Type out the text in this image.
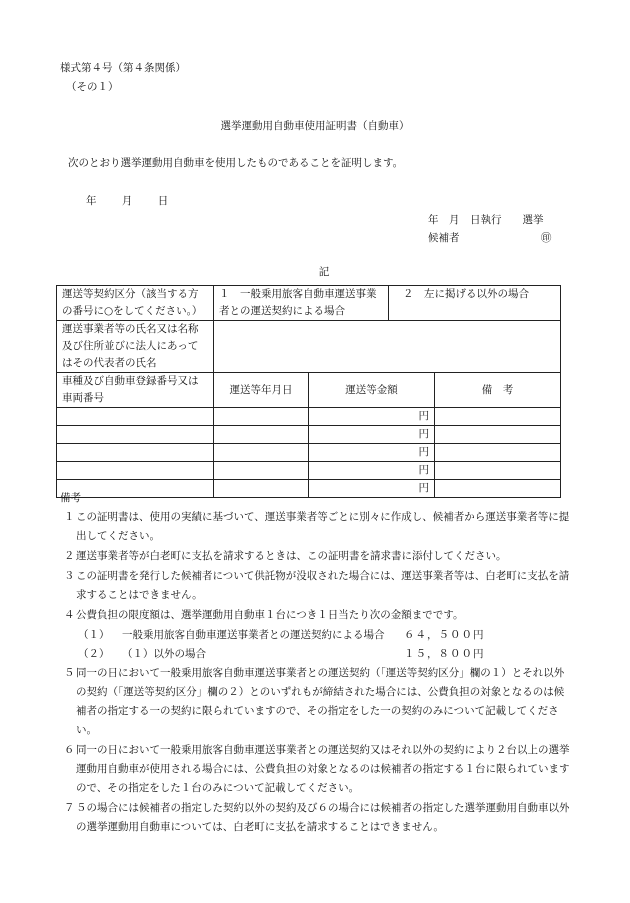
様式第４号（第４条関係）
（その１）
選挙運動用自動車使用証明書（自動車）
次のとおり選挙運動用自動車を使用したものであることを証明します。
年 月 日
年　月　日執行　　選挙
候補者	㊞
記
運送等契約区分（該当する方の番号に○をしてください。）	１　一般乗用旅客自動車運送事業者との運送契約による場合		２　左に掲げる以外の場合	
運送事業者等の氏名又は名称及び住所並びに法人にあってはその代表者の氏名				
車種及び自動車登録番号又は車両番号	運送等年月日	運送等金額		備　考
		円		
		円		
		円		
		円		
		円		
備考
１ この証明書は、使用の実績に基づいて、運送事業者等ごとに別々に作成し、候補者から運送事業者等に提出してください。
２ 運送事業者等が白老町に支払を請求するときは、この証明書を請求書に添付してください。
３ この証明書を発行した候補者について供託物が没収された場合には、運送事業者等は、白老町に支払を請求することはできません。
４ 公費負担の限度額は、選挙運動用自動車１台につき１日当たり次の金額までです。
（１）	一般乗用旅客自動車運送事業者との運送契約による場合	６４，５００円
（２）	（１）以外の場合	１５，８００円
５ 同一の日において一般乗用旅客自動車運送事業者との運送契約（「運送等契約区分」欄の１）とそれ以外の契約（「運送等契約区分」欄の２）とのいずれもが締結された場合には、公費負担の対象となるのは候補者の指定する一の契約に限られていますので、その指定をした一の契約のみについて記載してください。
６ 同一の日において一般乗用旅客自動車運送事業者との運送契約又はそれ以外の契約により２台以上の選挙運動用自動車が使用される場合には、公費負担の対象となるのは候補者の指定する１台に限られていますので、その指定をした１台のみについて記載してください。
７ ５の場合には候補者の指定した契約以外の契約及び６の場合には候補者の指定した選挙運動用自動車以外の選挙運動用自動車については、白老町に支払を請求することはできません。
